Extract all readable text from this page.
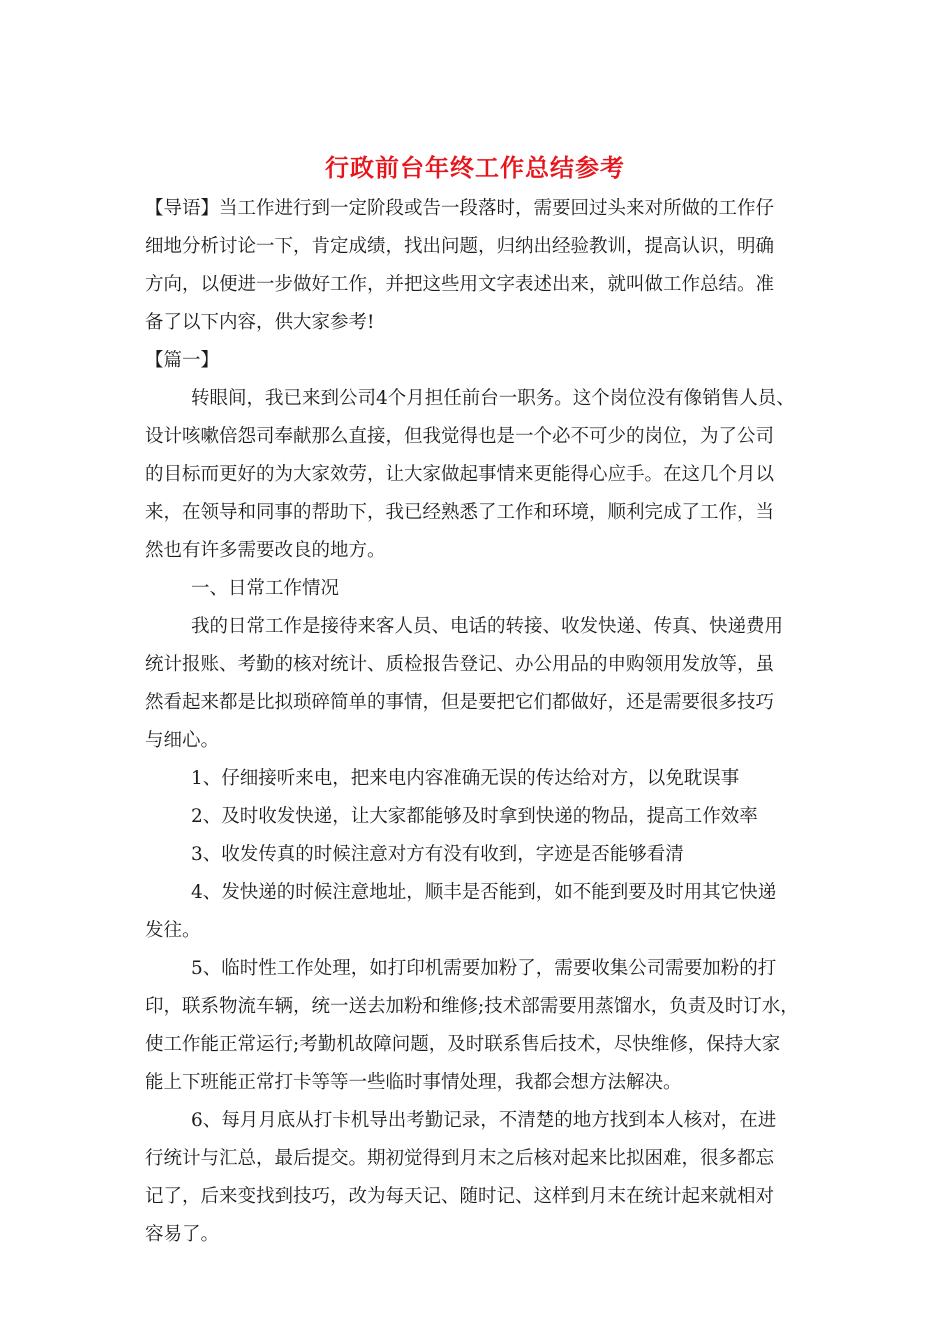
行政前台年终工作总结参考
【导语】当工作进行到一定阶段或告一段落时，需要回过头来对所做的工作仔
细地分析讨论一下，肯定成绩，找出问题，归纳出经验教训，提高认识，明确
方向，以便进一步做好工作，并把这些用文字表述出来，就叫做工作总结。准
备了以下内容，供大家参考!
【篇一】
转眼间，我已来到公司4个月担任前台一职务。这个岗位没有像销售人员、
设计咳嗽倍怨司奉献那么直接，但我觉得也是一个必不可少的岗位，为了公司
的目标而更好的为大家效劳，让大家做起事情来更能得心应手。在这几个月以
来，在领导和同事的帮助下，我已经熟悉了工作和环境，顺利完成了工作，当
然也有许多需要改良的地方。
一、日常工作情况
我的日常工作是接待来客人员、电话的转接、收发快递、传真、快递费用
统计报账、考勤的核对统计、质检报告登记、办公用品的申购领用发放等，虽
然看起来都是比拟琐碎简单的事情，但是要把它们都做好，还是需要很多技巧
与细心。
1、仔细接听来电，把来电内容准确无误的传达给对方，以免耽误事
2、及时收发快递，让大家都能够及时拿到快递的物品，提高工作效率
3、收发传真的时候注意对方有没有收到，字迹是否能够看清
4、发快递的时候注意地址，顺丰是否能到，如不能到要及时用其它快递
发往。
5、临时性工作处理，如打印机需要加粉了，需要收集公司需要加粉的打
印，联系物流车辆，统一送去加粉和维修;技术部需要用蒸馏水，负责及时订水，
使工作能正常运行;考勤机故障问题，及时联系售后技术，尽快维修，保持大家
能上下班能正常打卡等等一些临时事情处理，我都会想方法解决。
6、每月月底从打卡机导出考勤记录，不清楚的地方找到本人核对，在进
行统计与汇总，最后提交。期初觉得到月末之后核对起来比拟困难，很多都忘
记了，后来变找到技巧，改为每天记、随时记、这样到月末在统计起来就相对
容易了。
